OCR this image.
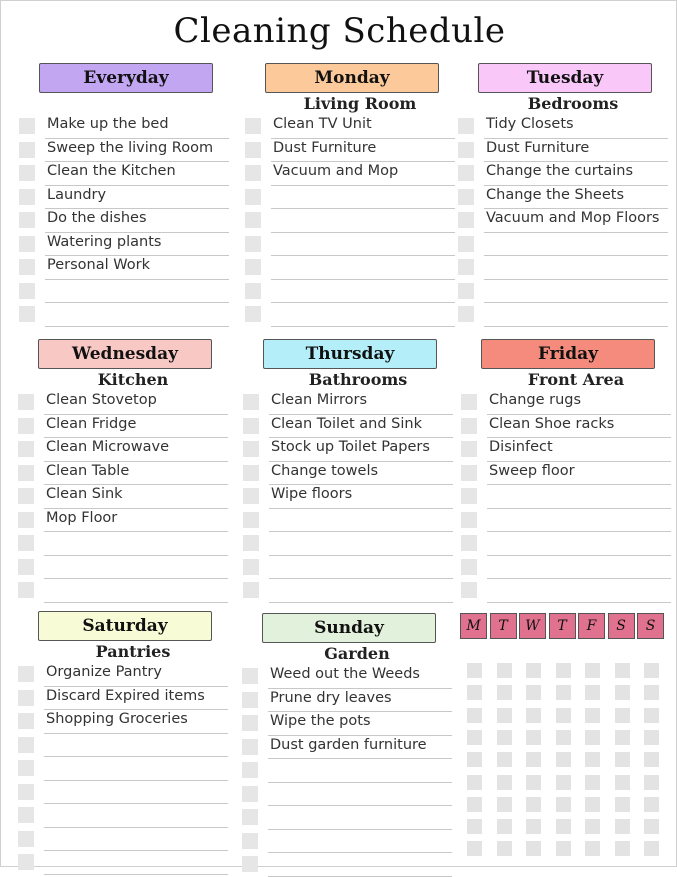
Cleaning Schedule
Everyday
Make up the bed
Sweep the living Room
Clean the Kitchen
Laundry
Do the dishes
Watering plants
Personal Work
Monday
Living Room
Clean TV Unit
Dust Furniture
Vacuum and Mop
Tuesday
Bedrooms
Tidy Closets
Dust Furniture
Change the curtains
Change the Sheets
Vacuum and Mop Floors
Wednesday
Kitchen
Clean Stovetop
Clean Fridge
Clean Microwave
Clean Table
Clean Sink
Mop Floor
Thursday
Bathrooms
Clean Mirrors
Clean Toilet and Sink
Stock up Toilet Papers
Change towels
Wipe floors
Friday
Front Area
Change rugs
Clean Shoe racks
Disinfect
Sweep floor
Saturday
Pantries
Organize Pantry
Discard Expired items
Shopping Groceries
Sunday
Garden
Weed out the Weeds
Prune dry leaves
Wipe the pots
Dust garden furniture
M	T	W	T	F	S	S
